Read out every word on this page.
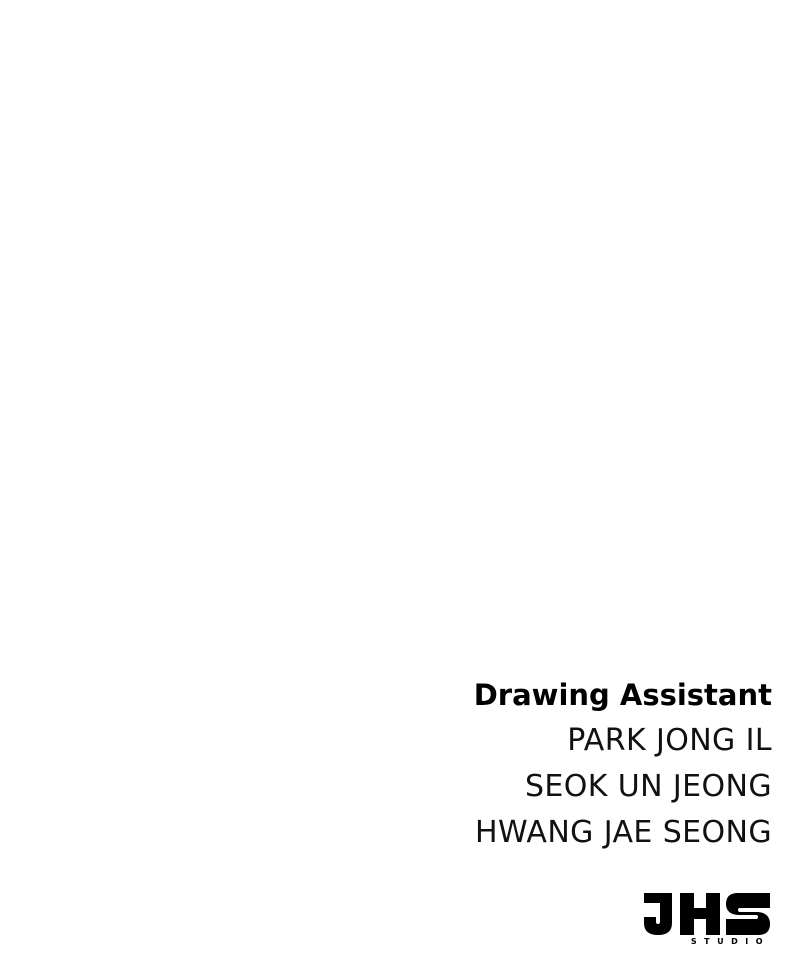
Drawing Assistant
PARK JONG IL
SEOK UN JEONG
HWANG JAE SEONG
STUDIO
